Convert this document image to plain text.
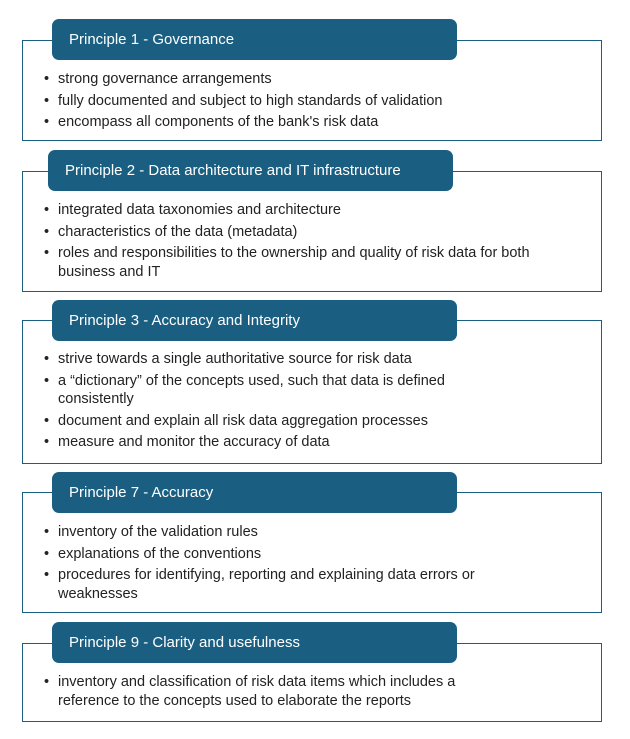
Principle 1 - Governance
• strong governance arrangements
• fully documented and subject to high standards of validation
• encompass all components of the bank's risk data
Principle 2 - Data architecture and IT infrastructure
• integrated data taxonomies and architecture
• characteristics of the data (metadata)
• roles and responsibilities to the ownership and quality of risk data for both business and IT
Principle 3 - Accuracy and Integrity
• strive towards a single authoritative source for risk data
• a “dictionary” of the concepts used, such that data is defined consistently
• document and explain all risk data aggregation processes
• measure and monitor the accuracy of data
Principle 7 - Accuracy
• inventory of the validation rules
• explanations of the conventions
• procedures for identifying, reporting and explaining data errors or weaknesses
Principle 9 - Clarity and usefulness
• inventory and classification of risk data items which includes a reference to the concepts used to elaborate the reports
